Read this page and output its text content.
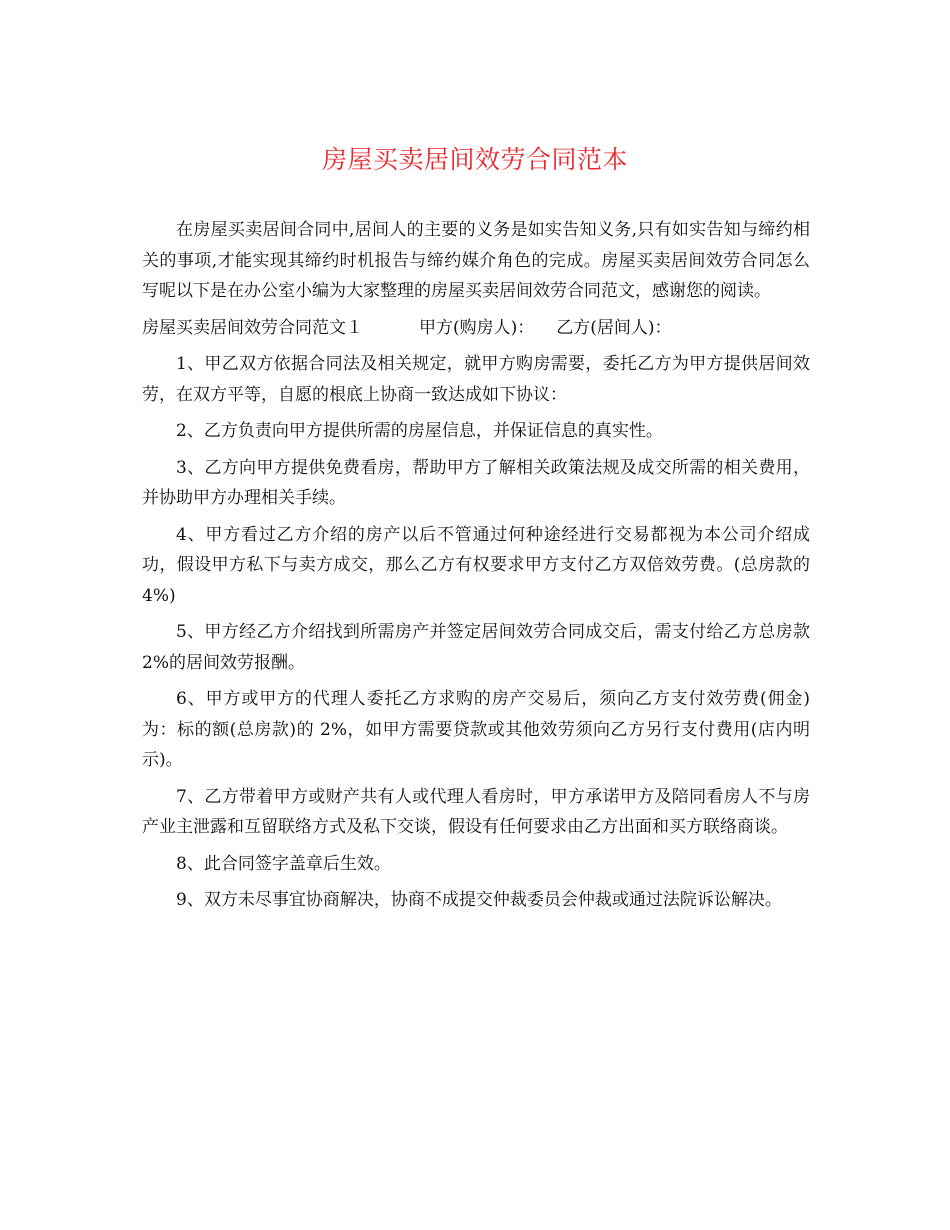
房屋买卖居间效劳合同范本

在房屋买卖居间合同中,居间人的主要的义务是如实告知义务,只有如实告知与缔约相关的事项,才能实现其缔约时机报告与缔约媒介角色的完成。房屋买卖居间效劳合同怎么写呢以下是在办公室小编为大家整理的房屋买卖居间效劳合同范文，感谢您的阅读。

房屋买卖居间效劳合同范文１	甲方(购房人)： 乙方(居间人)：

1、甲乙双方依据合同法及相关规定，就甲方购房需要，委托乙方为甲方提供居间效劳，在双方平等，自愿的根底上协商一致达成如下协议：

2、乙方负责向甲方提供所需的房屋信息，并保证信息的真实性。

3、乙方向甲方提供免费看房，帮助甲方了解相关政策法规及成交所需的相关费用，并协助甲方办理相关手续。

4、甲方看过乙方介绍的房产以后不管通过何种途经进行交易都视为本公司介绍成功，假设甲方私下与卖方成交，那么乙方有权要求甲方支付乙方双倍效劳费。(总房款的 4%)

5、甲方经乙方介绍找到所需房产并签定居间效劳合同成交后，需支付给乙方总房款 2%的居间效劳报酬。

6、甲方或甲方的代理人委托乙方求购的房产交易后，须向乙方支付效劳费(佣金)为：标的额(总房款)的 2%，如甲方需要贷款或其他效劳须向乙方另行支付费用(店内明示)。

7、乙方带着甲方或财产共有人或代理人看房时，甲方承诺甲方及陪同看房人不与房产业主泄露和互留联络方式及私下交谈，假设有任何要求由乙方出面和买方联络商谈。

8、此合同签字盖章后生效。

9、双方未尽事宜协商解决，协商不成提交仲裁委员会仲裁或通过法院诉讼解决。
